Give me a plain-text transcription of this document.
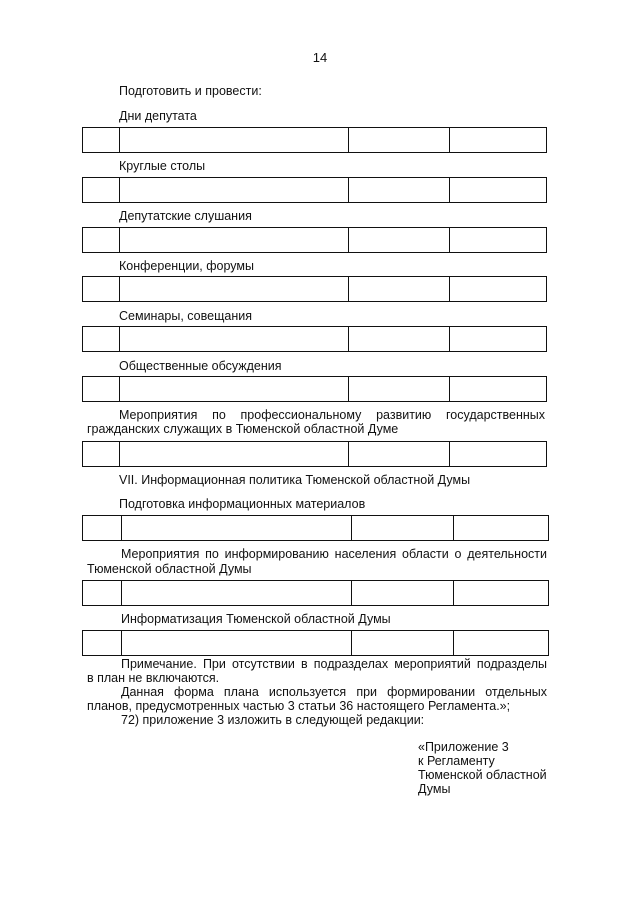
14
Подготовить и провести:
Дни депутата
Круглые столы
Депутатские слушания
Конференции, форумы
Семинары, совещания
Общественные обсуждения
Мероприятия по профессиональному развитию государственных
гражданских служащих в Тюменской областной Думе
VII. Информационная политика Тюменской областной Думы
Подготовка информационных материалов
Мероприятия по информированию населения области о деятельности
Тюменской областной Думы
Информатизация Тюменской областной Думы
Примечание. При отсутствии в подразделах мероприятий подразделы
в план не включаются.
Данная форма плана используется при формировании отдельных
планов, предусмотренных частью 3 статьи 36 настоящего Регламента.»;
72) приложение 3 изложить в следующей редакции:
«Приложение 3
к Регламенту
Тюменской областной
Думы
